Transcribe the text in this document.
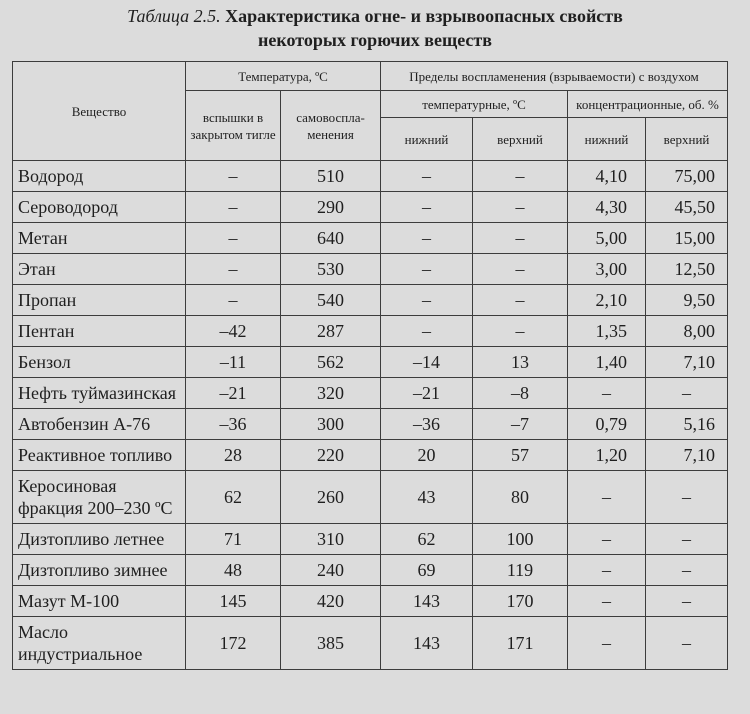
Таблица 2.5. Характеристика огне- и взрывоопасных свойств
некоторых горючих веществ
Вещество	Температура, ºС		Пределы воспламенения (взрываемости) с воздухом			
	вспышки в закрытом тигле	самовоспла-менения	температурные, ºС		концентрационные, об. %	
			нижний	верхний	нижний	верхний
Водород	–	510	–	–	4,10	75,00
Сероводород	–	290	–	–	4,30	45,50
Метан	–	640	–	–	5,00	15,00
Этан	–	530	–	–	3,00	12,50
Пропан	–	540	–	–	2,10	9,50
Пентан	–42	287	–	–	1,35	8,00
Бензол	–11	562	–14	13	1,40	7,10
Нефть туймазинская	–21	320	–21	–8	–	–
Автобензин А-76	–36	300	–36	–7	0,79	5,16
Реактивное топливо	28	220	20	57	1,20	7,10

Керосиновая
фракция 200–230 ºС	62	260	43	80	–	–
Дизтопливо летнее	71	310	62	100	–	–
Дизтопливо зимнее	48	240	69	119	–	–
Мазут М-100	145	420	143	170	–	–

Масло
индустриальное	172	385	143	171	–	–
